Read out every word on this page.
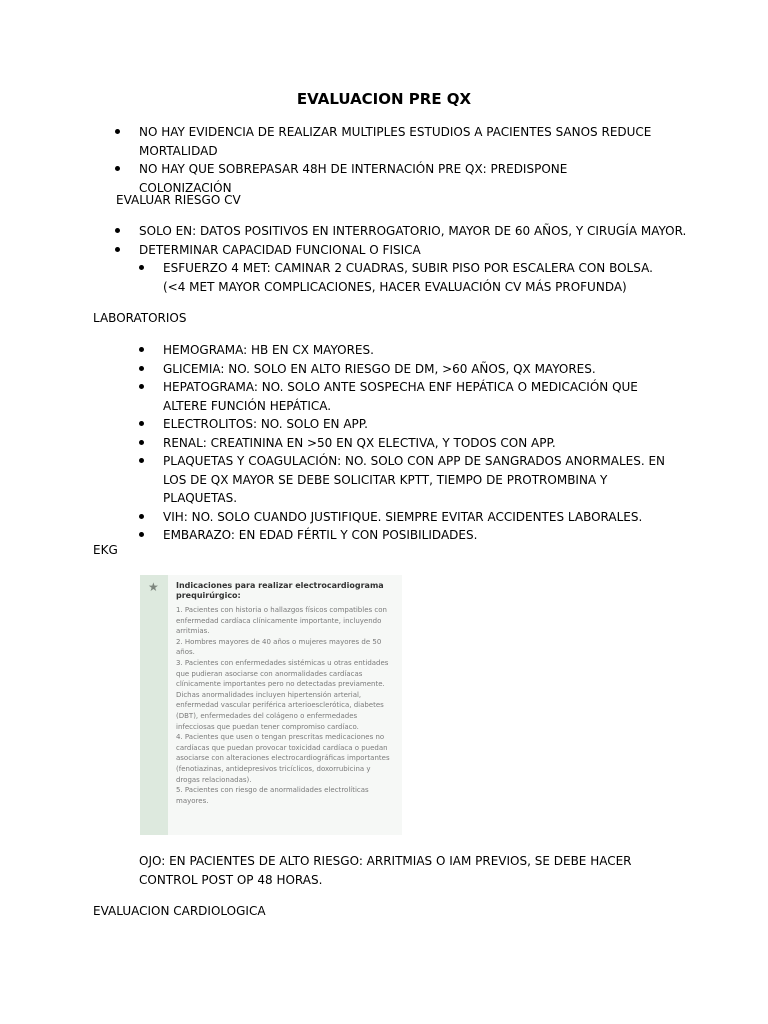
EVALUACION PRE QX
NO HAY EVIDENCIA DE REALIZAR MULTIPLES ESTUDIOS A PACIENTES SANOS REDUCE MORTALIDAD
NO HAY QUE SOBREPASAR 48H DE INTERNACIÓN PRE QX: PREDISPONE COLONIZACIÓN
EVALUAR RIESGO CV
SOLO EN: DATOS POSITIVOS EN INTERROGATORIO, MAYOR DE 60 AÑOS, Y CIRUGÍA MAYOR.
DETERMINAR CAPACIDAD FUNCIONAL O FISICA
ESFUERZO 4 MET: CAMINAR 2 CUADRAS, SUBIR PISO POR ESCALERA CON BOLSA. (<4 MET MAYOR COMPLICACIONES, HACER EVALUACIÓN CV MÁS PROFUNDA)
LABORATORIOS
HEMOGRAMA: HB EN CX MAYORES.
GLICEMIA: NO. SOLO EN ALTO RIESGO DE DM, >60 AÑOS, QX MAYORES.
HEPATOGRAMA: NO. SOLO ANTE SOSPECHA ENF HEPÁTICA O MEDICACIÓN QUE ALTERE FUNCIÓN HEPÁTICA.
ELECTROLITOS: NO. SOLO EN APP.
RENAL: CREATININA EN >50 EN QX ELECTIVA, Y TODOS CON APP.
PLAQUETAS Y COAGULACIÓN: NO. SOLO CON APP DE SANGRADOS ANORMALES. EN LOS DE QX MAYOR SE DEBE SOLICITAR KPTT, TIEMPO DE PROTROMBINA Y PLAQUETAS.
VIH: NO. SOLO CUANDO JUSTIFIQUE. SIEMPRE EVITAR ACCIDENTES LABORALES.
EMBARAZO: EN EDAD FÉRTIL Y CON POSIBILIDADES.
EKG
★ Indicaciones para realizar electrocardiograma prequirúrgico:
1. Pacientes con historia o hallazgos físicos compatibles con enfermedad cardíaca clínicamente importante, incluyendo arritmias.
2. Hombres mayores de 40 años o mujeres mayores de 50 años.
3. Pacientes con enfermedades sistémicas u otras entidades que pudieran asociarse con anormalidades cardíacas clínicamente importantes pero no detectadas previamente. Dichas anormalidades incluyen hipertensión arterial, enfermedad vascular periférica arterioesclerótica, diabetes (DBT), enfermedades del colágeno o enfermedades infecciosas que puedan tener compromiso cardíaco.
4. Pacientes que usen o tengan prescritas medicaciones no cardíacas que puedan provocar toxicidad cardíaca o puedan asociarse con alteraciones electrocardiográficas importantes (fenotiazinas, antidepresivos tricíclicos, doxorrubicina y drogas relacionadas).
5. Pacientes con riesgo de anormalidades electrolíticas mayores.
OJO: EN PACIENTES DE ALTO RIESGO: ARRITMIAS O IAM PREVIOS, SE DEBE HACER CONTROL POST OP 48 HORAS.
EVALUACION CARDIOLOGICA
